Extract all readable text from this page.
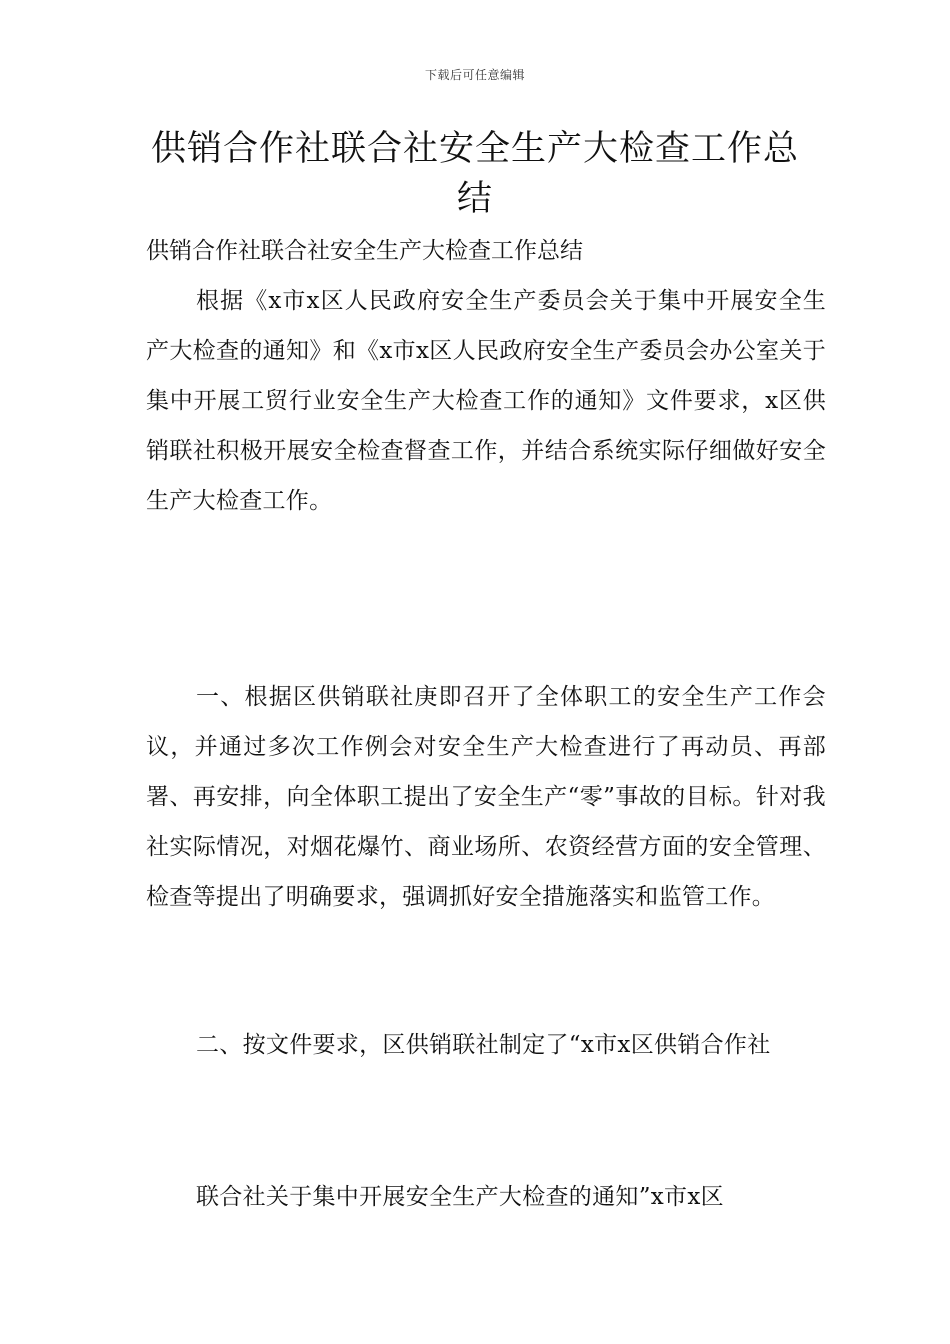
下载后可任意编辑
供销合作社联合社安全生产大检查工作总结

供销合作社联合社安全生产大检查工作总结

根据《x市x区人民政府安全生产委员会关于集中开展安全生产大检查的通知》和《x市x区人民政府安全生产委员会办公室关于集中开展工贸行业安全生产大检查工作的通知》文件要求，x区供销联社积极开展安全检查督查工作，并结合系统实际仔细做好安全生产大检查工作。

一、根据区供销联社庚即召开了全体职工的安全生产工作会议，并通过多次工作例会对安全生产大检查进行了再动员、再部署、再安排，向全体职工提出了安全生产“零”事故的目标。针对我社实际情况，对烟花爆竹、商业场所、农资经营方面的安全管理、检查等提出了明确要求，强调抓好安全措施落实和监管工作。

二、按文件要求，区供销联社制定了“x市x区供销合作社

联合社关于集中开展安全生产大检查的通知”x市x区
